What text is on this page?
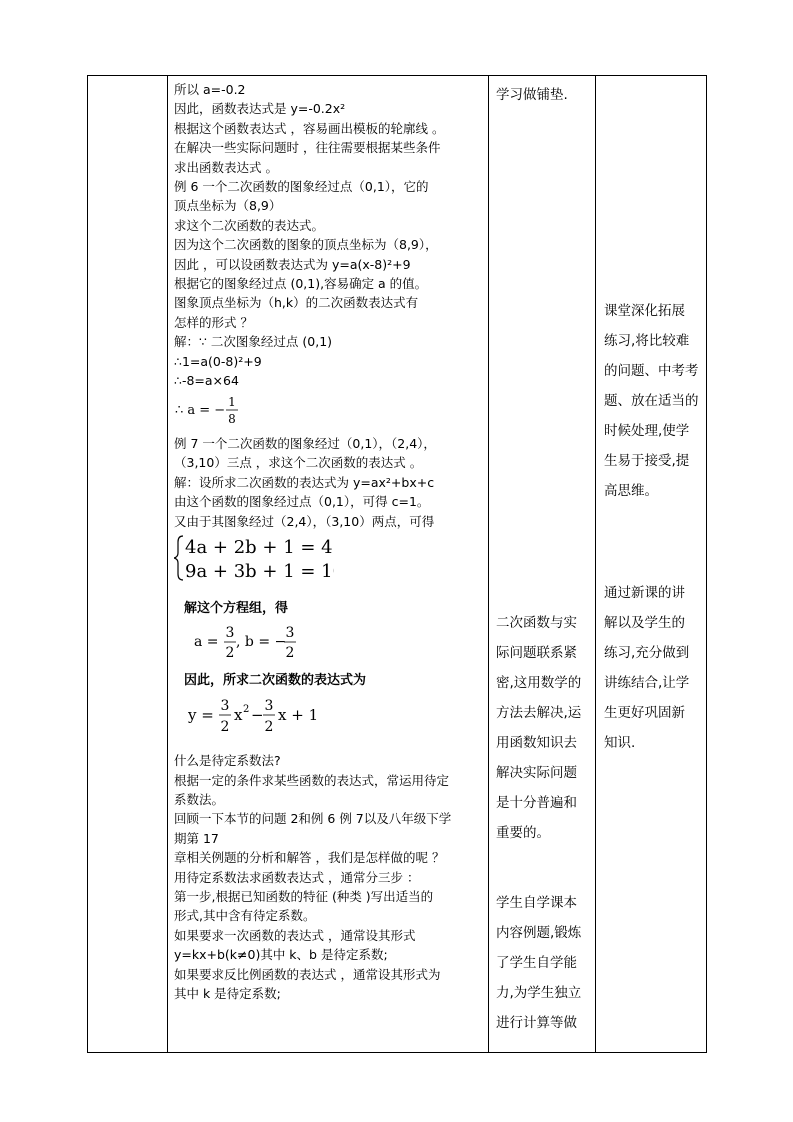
所以 a=-0.2
因此，函数表达式是 y=-0.2x²
根据这个函数表达式 ，容易画出模板的轮廓线 。
在解决一些实际问题时 ，往往需要根据某些条件
求出函数表达式 。
例 6 一个二次函数的图象经过点（0,1），它的
顶点坐标为（8,9）
求这个二次函数的表达式。
因为这个二次函数的图象的顶点坐标为（8,9），
因此 ，可以设函数表达式为 y=a(x-8)²+9
根据它的图象经过点 (0,1),容易确定 a 的值。
图象顶点坐标为（h,k）的二次函数表达式有
怎样的形式 ？
解：∵ 二次图象经过点 (0,1)
∴1=a(0-8)²+9
∴-8=a×64
∴ a = −
1
8
例 7 一个二次函数的图象经过（0,1），（2,4），
（3,10）三点 ，求这个二次函数的表达式 。
解：设所求二次函数的表达式为 y=ax²+bx+c
由这个函数的图象经过点（0,1），可得 c=1。
又由于其图象经过（2,4），（3,10）两点，可得
4a + 2b + 1 = 4
9a + 3b + 1 = 10
解这个方程组，得
a =
3
2
, b = −
3
2
因此，所求二次函数的表达式为
y = 3
2
x 2 − 3
2
x + 1
什么是待定系数法?
根据一定的条件求某些函数的表达式，常运用待定
系数法。
回顾一下本节的问题 2和例 6 例 7以及八年级下学
期第 17
章相关例题的分析和解答 ，我们是怎样做的呢 ？
用待定系数法求函数表达式 ，通常分三步 ：
第一步,根据已知函数的特征 (种类 )写出适当的
形式,其中含有待定系数。
如果要求一次函数的表达式 ，通常设其形式
y=kx+b(k≠0)其中 k、b 是待定系数;
如果要求反比例函数的表达式 ，通常设其形式为
其中 k 是待定系数;
学习做铺垫.
二次函数与实
际问题联系紧
密,这用数学的
方法去解决,运
用函数知识去
解决实际问题
是十分普遍和
重要的。
学生自学课本
内容例题,锻炼
了学生自学能
力,为学生独立
进行计算等做
课堂深化拓展
练习,将比较难
的问题、中考考
题、放在适当的
时候处理,使学
生易于接受,提
高思维。
通过新课的讲
解以及学生的
练习,充分做到
讲练结合,让学
生更好巩固新
知识.
